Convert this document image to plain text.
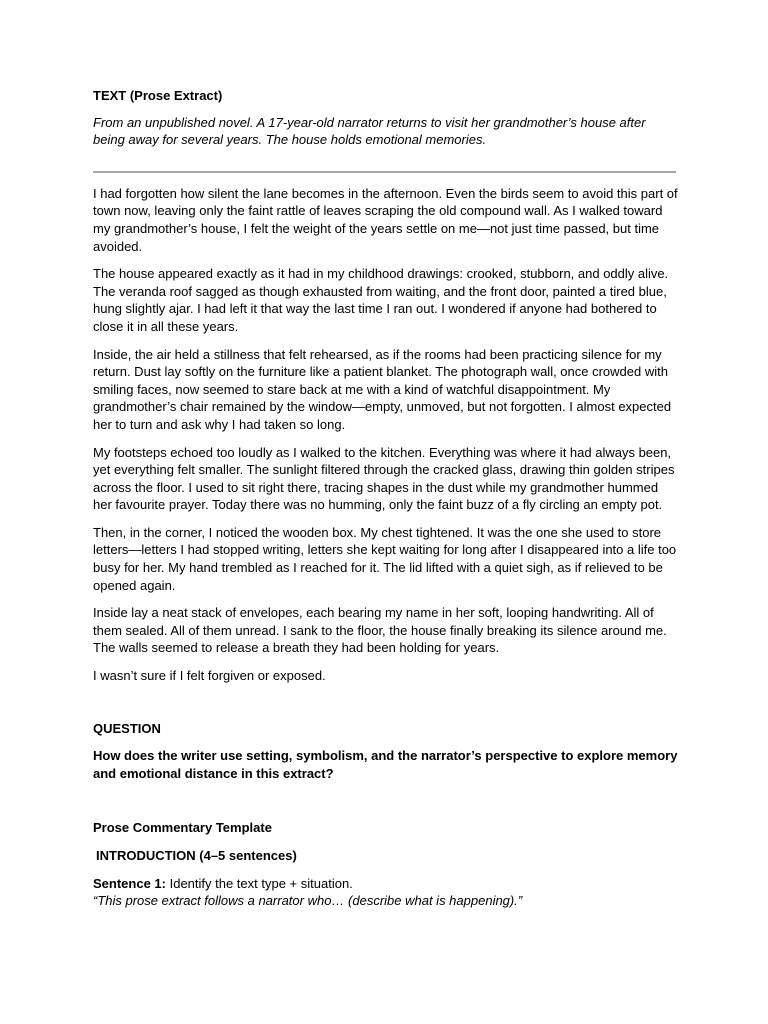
TEXT (Prose Extract)

From an unpublished novel. A 17-year-old narrator returns to visit her grandmother’s house after being away for several years. The house holds emotional memories.

I had forgotten how silent the lane becomes in the afternoon. Even the birds seem to avoid this part of town now, leaving only the faint rattle of leaves scraping the old compound wall. As I walked toward my grandmother’s house, I felt the weight of the years settle on me—not just time passed, but time avoided.

The house appeared exactly as it had in my childhood drawings: crooked, stubborn, and oddly alive. The veranda roof sagged as though exhausted from waiting, and the front door, painted a tired blue, hung slightly ajar. I had left it that way the last time I ran out. I wondered if anyone had bothered to close it in all these years.

Inside, the air held a stillness that felt rehearsed, as if the rooms had been practicing silence for my return. Dust lay softly on the furniture like a patient blanket. The photograph wall, once crowded with smiling faces, now seemed to stare back at me with a kind of watchful disappointment. My grandmother’s chair remained by the window—empty, unmoved, but not forgotten. I almost expected her to turn and ask why I had taken so long.

My footsteps echoed too loudly as I walked to the kitchen. Everything was where it had always been, yet everything felt smaller. The sunlight filtered through the cracked glass, drawing thin golden stripes across the floor. I used to sit right there, tracing shapes in the dust while my grandmother hummed her favourite prayer. Today there was no humming, only the faint buzz of a fly circling an empty pot.

Then, in the corner, I noticed the wooden box. My chest tightened. It was the one she used to store letters—letters I had stopped writing, letters she kept waiting for long after I disappeared into a life too busy for her. My hand trembled as I reached for it. The lid lifted with a quiet sigh, as if relieved to be opened again.

Inside lay a neat stack of envelopes, each bearing my name in her soft, looping handwriting. All of them sealed. All of them unread. I sank to the floor, the house finally breaking its silence around me. The walls seemed to release a breath they had been holding for years.

I wasn’t sure if I felt forgiven or exposed.

QUESTION

How does the writer use setting, symbolism, and the narrator’s perspective to explore memory and emotional distance in this extract?

Prose Commentary Template

INTRODUCTION (4–5 sentences)

Sentence 1: Identify the text type + situation.

“This prose extract follows a narrator who… (describe what is happening).”
